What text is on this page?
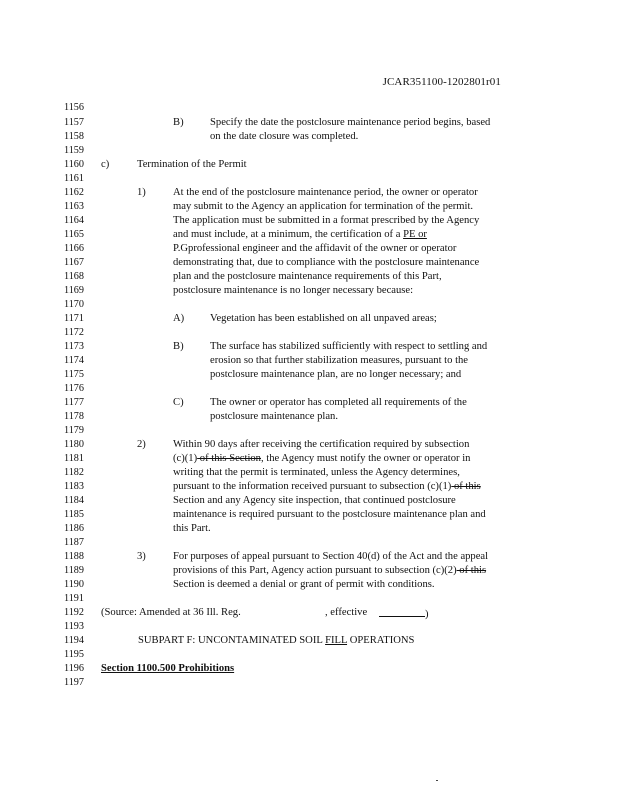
JCAR351100-1202801r01
1156
1157	B) Specify the date the postclosure maintenance period begins, based
1158	on the date closure was completed.
1159
1160	c)	Termination of the Permit
1161
1162	1)	At the end of the postclosure maintenance period, the owner or operator
1163	may submit to the Agency an application for termination of the permit.
1164	The application must be submitted in a format prescribed by the Agency
1165	and must include, at a minimum, the certification of a PE or
1166	P.Gprofessional engineer and the affidavit of the owner or operator
1167	demonstrating that, due to compliance with the postclosure maintenance
1168	plan and the postclosure maintenance requirements of this Part,
1169	postclosure maintenance is no longer necessary because:
1170
1171	A) Vegetation has been established on all unpaved areas;
1172
1173	B) The surface has stabilized sufficiently with respect to settling and
1174	erosion so that further stabilization measures, pursuant to the
1175	postclosure maintenance plan, are no longer necessary; and
1176
1177	C) The owner or operator has completed all requirements of the
1178	postclosure maintenance plan.
1179
1180	2)	Within 90 days after receiving the certification required by subsection
1181	(c)(1) of this Section, the Agency must notify the owner or operator in
1182	writing that the permit is terminated, unless the Agency determines,
1183	pursuant to the information received pursuant to subsection (c)(1) of this
1184	Section and any Agency site inspection, that continued postclosure
1185	maintenance is required pursuant to the postclosure maintenance plan and
1186	this Part.
1187
1188	3)	For purposes of appeal pursuant to Section 40(d) of the Act and the appeal
1189	provisions of this Part, Agency action pursuant to subsection (c)(2) of this
1190	Section is deemed a denial or grant of permit with conditions.
1191
1192	(Source: Amended at 36 Ill. Reg.	, effective	)
1193
1194	SUBPART F: UNCONTAMINATED SOIL FILL OPERATIONS
1195
1196	Section 1100.500 Prohibitions
1197
